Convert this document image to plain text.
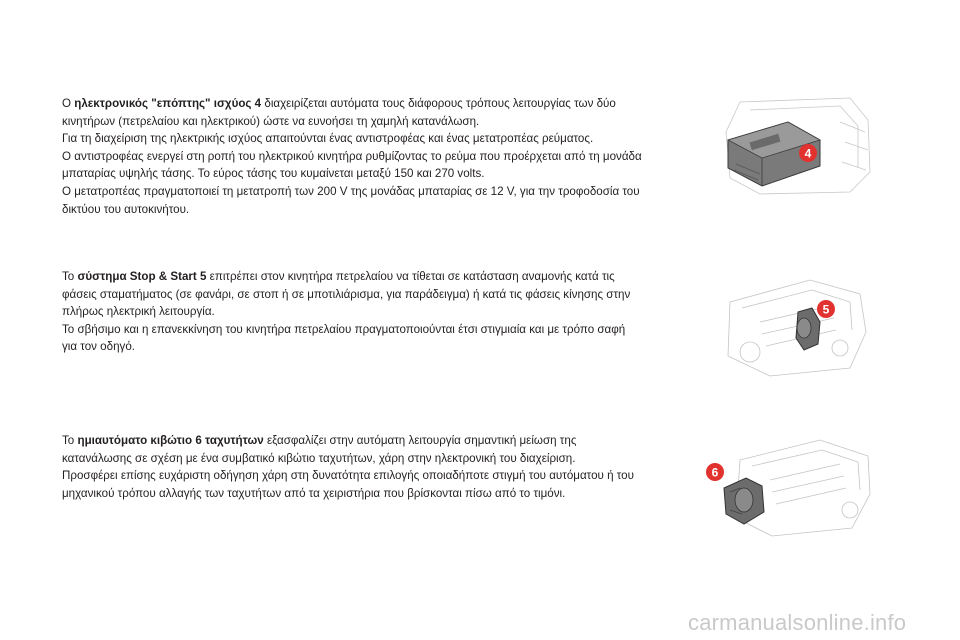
Ο ηλεκτρονικός "επόπτης" ισχύος 4 διαχειρίζεται αυτόματα τους διάφορους τρόπους λειτουργίας των δύο κινητήρων (πετρελαίου και ηλεκτρικού) ώστε να ευνοήσει τη χαμηλή κατανάλωση.

Για τη διαχείριση της ηλεκτρικής ισχύος απαιτούνται ένας αντιστροφέας και ένας μετατροπέας ρεύματος.

Ο αντιστροφέας ενεργεί στη ροπή του ηλεκτρικού κινητήρα ρυθμίζοντας το ρεύμα που προέρχεται από τη μονάδα μπαταρίας υψηλής τάσης. Το εύρος τάσης του κυμαίνεται μεταξύ 150 και 270 volts.

Ο μετατροπέας πραγματοποιεί τη μετατροπή των 200 V της μονάδας μπαταρίας σε 12 V, για την τροφοδοσία του δικτύου του αυτοκινήτου.

Το σύστημα Stop & Start 5 επιτρέπει στον κινητήρα πετρελαίου να τίθεται σε κατάσταση αναμονής κατά τις φάσεις σταματήματος (σε φανάρι, σε στοπ ή σε μποτιλιάρισμα, για παράδειγμα) ή κατά τις φάσεις κίνησης στην πλήρως ηλεκτρική λειτουργία.

Το σβήσιμο και η επανεκκίνηση του κινητήρα πετρελαίου πραγματοποιούνται έτσι στιγμιαία και με τρόπο σαφή για τον οδηγό.

Το ημιαυτόματο κιβώτιο 6 ταχυτήτων εξασφαλίζει στην αυτόματη λειτουργία σημαντική μείωση της κατανάλωσης σε σχέση με ένα συμβατικό κιβώτιο ταχυτήτων, χάρη στην ηλεκτρονική του διαχείριση.

Προσφέρει επίσης ευχάριστη οδήγηση χάρη στη δυνατότητα επιλογής οποιαδήποτε στιγμή του αυτόματου ή του μηχανικού τρόπου αλλαγής των ταχυτήτων από τα χειριστήρια που βρίσκονται πίσω από το τιμόνι.

4
5
6
carmanualsonline.info
